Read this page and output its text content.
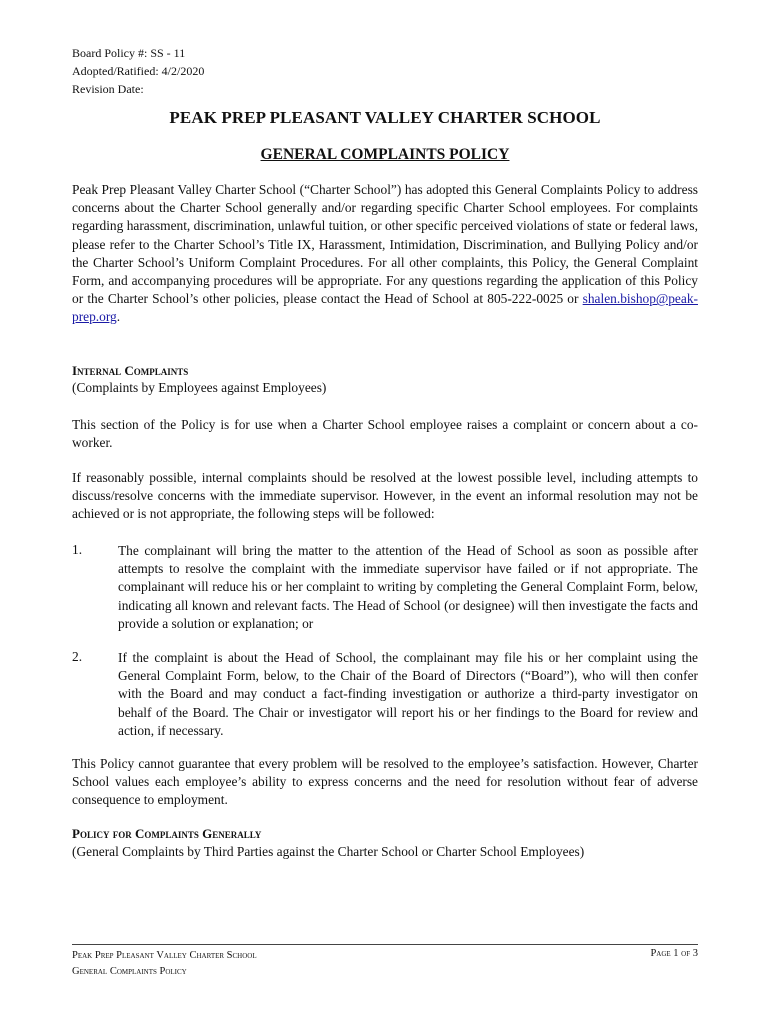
Board Policy #: SS - 11
Adopted/Ratified: 4/2/2020
Revision Date:
PEAK PREP PLEASANT VALLEY CHARTER SCHOOL
GENERAL COMPLAINTS POLICY
Peak Prep Pleasant Valley Charter School (“Charter School”) has adopted this General Complaints Policy to address concerns about the Charter School generally and/or regarding specific Charter School employees. For complaints regarding harassment, discrimination, unlawful tuition, or other specific perceived violations of state or federal laws, please refer to the Charter School’s Title IX, Harassment, Intimidation, Discrimination, and Bullying Policy and/or the Charter School’s Uniform Complaint Procedures. For all other complaints, this Policy, the General Complaint Form, and accompanying procedures will be appropriate. For any questions regarding the application of this Policy or the Charter School’s other policies, please contact the Head of School at 805-222-0025 or shalen.bishop@peak-prep.org.
Internal Complaints
(Complaints by Employees against Employees)
This section of the Policy is for use when a Charter School employee raises a complaint or concern about a co-worker.
If reasonably possible, internal complaints should be resolved at the lowest possible level, including attempts to discuss/resolve concerns with the immediate supervisor. However, in the event an informal resolution may not be achieved or is not appropriate, the following steps will be followed:
1.	The complainant will bring the matter to the attention of the Head of School as soon as possible after attempts to resolve the complaint with the immediate supervisor have failed or if not appropriate. The complainant will reduce his or her complaint to writing by completing the General Complaint Form, below, indicating all known and relevant facts. The Head of School (or designee) will then investigate the facts and provide a solution or explanation; or
2.	If the complaint is about the Head of School, the complainant may file his or her complaint using the General Complaint Form, below, to the Chair of the Board of Directors (“Board”), who will then confer with the Board and may conduct a fact-finding investigation or authorize a third-party investigator on behalf of the Board. The Chair or investigator will report his or her findings to the Board for review and action, if necessary.
This Policy cannot guarantee that every problem will be resolved to the employee’s satisfaction. However, Charter School values each employee’s ability to express concerns and the need for resolution without fear of adverse consequence to employment.
Policy for Complaints Generally
(General Complaints by Third Parties against the Charter School or Charter School Employees)
Peak Prep Pleasant Valley Charter School
General Complaints Policy
Page 1 of 3
